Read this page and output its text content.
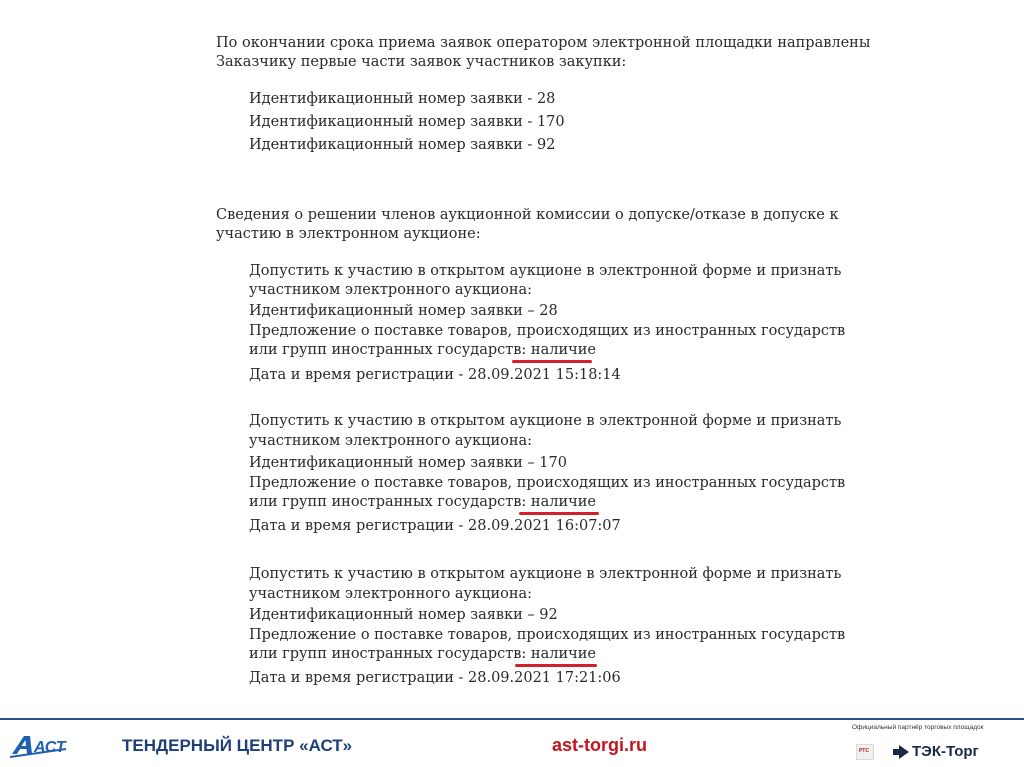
По окончании срока приема заявок оператором электронной площадки направлены
Заказчику первые части заявок участников закупки:
Идентификационный номер заявки - 28
Идентификационный номер заявки - 170
Идентификационный номер заявки - 92
Сведения о решении членов аукционной комиссии о допуске/отказе в допуске к
участию в электронном аукционе:
Допустить к участию в открытом аукционе в электронной форме и признать
участником электронного аукциона:
Идентификационный номер заявки – 28
Предложение о поставке товаров, происходящих из иностранных государств
или групп иностранных государств: наличие
Дата и время регистрации - 28.09.2021 15:18:14
Допустить к участию в открытом аукционе в электронной форме и признать
участником электронного аукциона:
Идентификационный номер заявки – 170
Предложение о поставке товаров, происходящих из иностранных государств
или групп иностранных государств: наличие
Дата и время регистрации - 28.09.2021 16:07:07
Допустить к участию в открытом аукционе в электронной форме и признать
участником электронного аукциона:
Идентификационный номер заявки – 92
Предложение о поставке товаров, происходящих из иностранных государств
или групп иностранных государств: наличие
Дата и время регистрации - 28.09.2021 17:21:06
АСТ	ТЕНДЕРНЫЙ ЦЕНТР «АСТ»	ast-torgi.ru
Официальный партнёр торговых площадок
РТС	ТЭК-Торг
